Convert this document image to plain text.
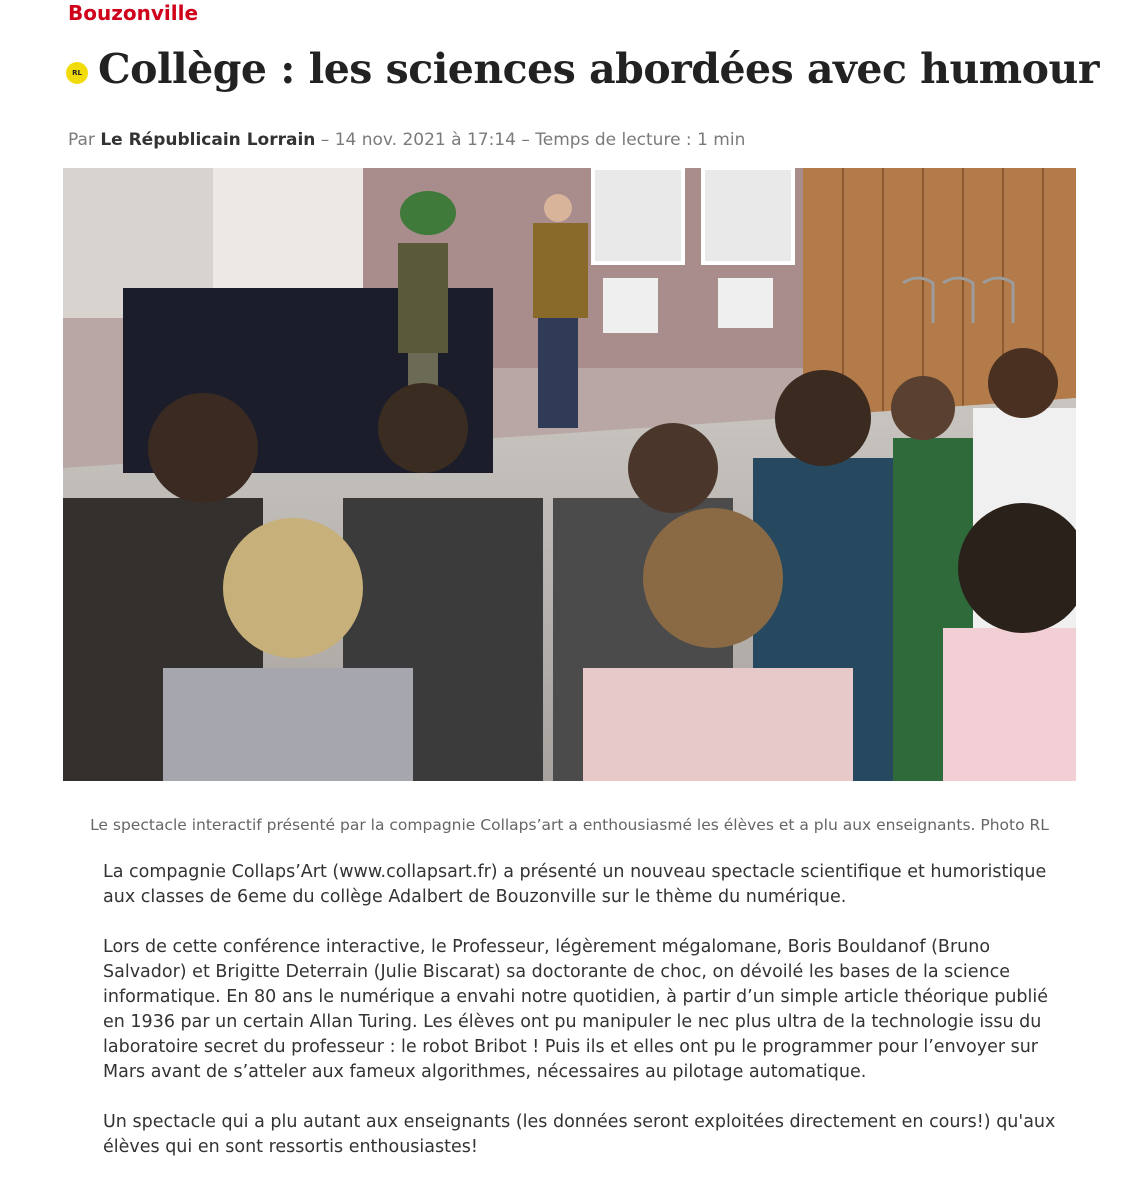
Bouzonville
RL Collège : les sciences abordées avec humour
Par Le Républicain Lorrain – 14 nov. 2021 à 17:14 – Temps de lecture : 1 min
Le spectacle interactif présenté par la compagnie Collaps’art a enthousiasmé les élèves et a plu aux enseignants. Photo RL

La compagnie Collaps’Art (www.collapsart.fr) a présenté un nouveau spectacle scientifique et humoristique aux classes de 6eme du collège Adalbert de Bouzonville sur le thème du numérique.

Lors de cette conférence interactive, le Professeur, légèrement mégalomane, Boris Bouldanof (Bruno Salvador) et Brigitte Deterrain (Julie Biscarat) sa doctorante de choc, on dévoilé les bases de la science informatique. En 80 ans le numérique a envahi notre quotidien, à partir d’un simple article théorique publié en 1936 par un certain Allan Turing. Les élèves ont pu manipuler le nec plus ultra de la technologie issu du laboratoire secret du professeur : le robot Bribot ! Puis ils et elles ont pu le programmer pour l’envoyer sur Mars avant de s’atteler aux fameux algorithmes, nécessaires au pilotage automatique.

Un spectacle qui a plu autant aux enseignants (les données seront exploitées directement en cours!) qu'aux élèves qui en sont ressortis enthousiastes!
